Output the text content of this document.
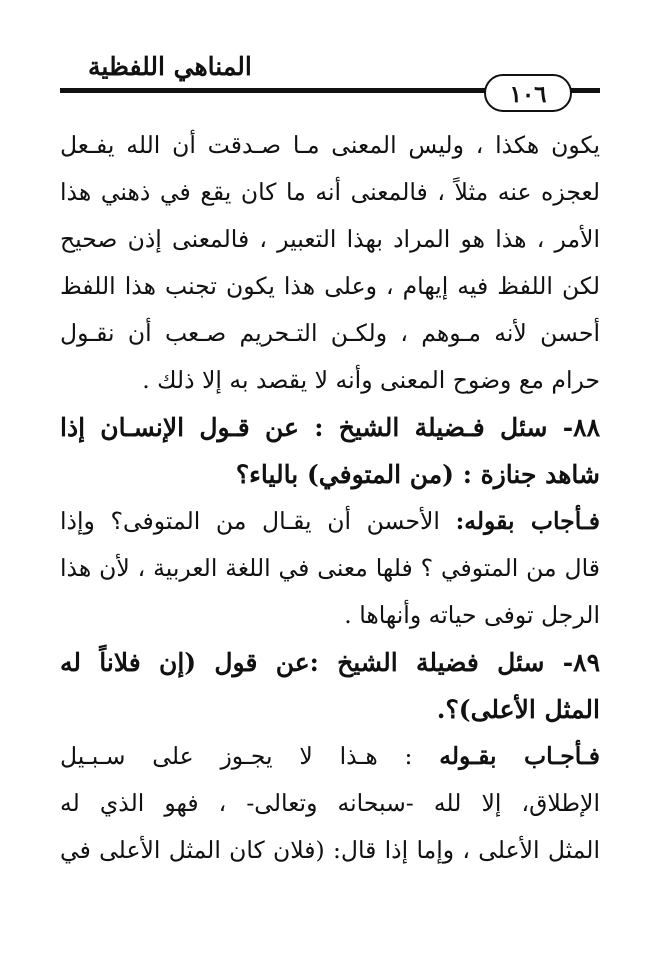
المناهي اللفظية
١٠٦
يكون هكذا ، وليس المعنى مـا صـدقت أن الله يفـعل
لعجزه عنه مثلاً ، فالمعنى أنه ما كان يقع في ذهني هذا
الأمر ، هذا هو المراد بهذا التعبير ، فالمعنى إذن صحيح
لكن اللفظ فيه إيهام ، وعلى هذا يكون تجنب هذا اللفظ
أحسن لأنه مـوهم ، ولكـن التـحريم صـعب أن نقـول
حرام مع وضوح المعنى وأنه لا يقصد به إلا ذلك .
٨٨- سئل فـضيلة الشيخ : عن قـول الإنسـان إذا
شاهد جنازة : (من المتوفي) بالياء؟
فـأجاب بقوله: الأحسن أن يقـال من المتوفى؟ وإذا
قال من المتوفي ؟ فلها معنى في اللغة العربية ، لأن هذا
الرجل توفى حياته وأنهاها .
٨٩- سئل فضيلة الشيخ :عن قول (إن فلاناً له
المثل الأعلى)؟.
فـأجـاب بقـوله : هـذا لا يجـوز على سـبـيل
الإطلاق، إلا لله -سبحانه وتعالى- ، فهو الذي له
المثل الأعلى ، وإما إذا قال: (فلان كان المثل الأعلى في
